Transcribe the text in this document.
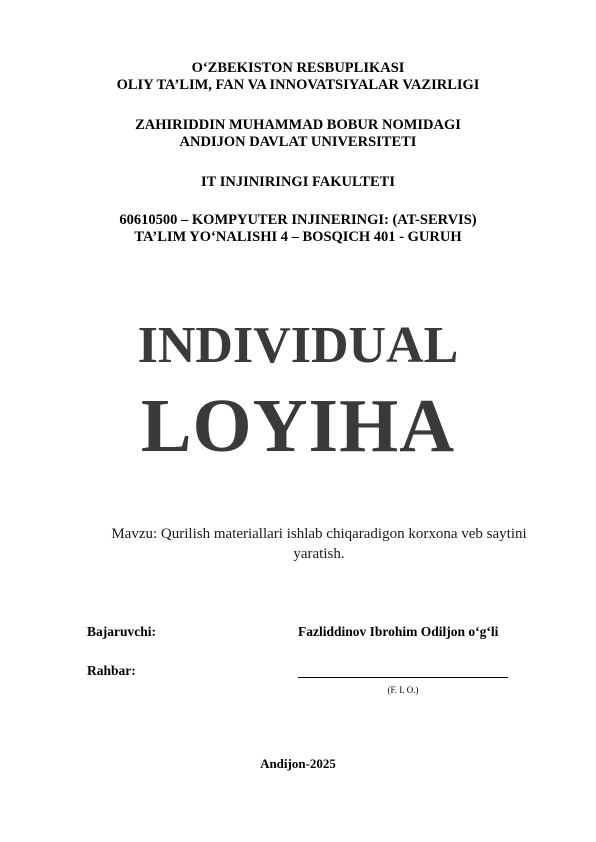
O‘ZBEKISTON RESBUPLIKASI
OLIY TA’LIM, FAN VA INNOVATSIYALAR VAZIRLIGI
ZAHIRIDDIN MUHAMMAD BOBUR NOMIDAGI
ANDIJON DAVLAT UNIVERSITETI
IT INJINIRINGI FAKULTETI
60610500 – KOMPYUTER INJINERINGI: (AT-SERVIS)
TA’LIM YO‘NALISHI 4 – BOSQICH 401 - GURUH
INDIVIDUAL
LOYIHA
Mavzu: Qurilish materiallari ishlab chiqaradigon korxona veb saytini
yaratish.
Bajaruvchi:	Fazliddinov Ibrohim Odiljon o‘g‘li
Rahbar:
(F. I. O.)
Andijon-2025
